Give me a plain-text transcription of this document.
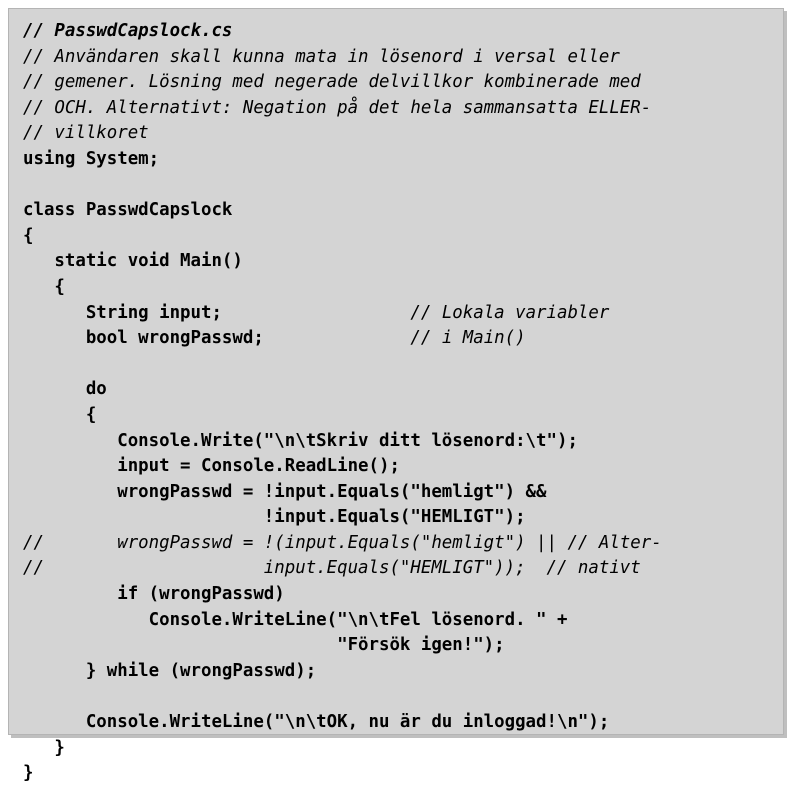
// PasswdCapslock.cs
// Användaren skall kunna mata in lösenord i versal eller
// gemener. Lösning med negerade delvillkor kombinerade med
// OCH. Alternativt: Negation på det hela sammansatta ELLER-
// villkoret
using System;

class PasswdCapslock
{
static void Main()
{
String input;                  // Lokala variabler
bool wrongPasswd;              // i Main()

do
{
Console.Write("\n\tSkriv ditt lösenord:\t");
input = Console.ReadLine();
wrongPasswd = !input.Equals("hemligt") &&
!input.Equals("HEMLIGT");
//       wrongPasswd = !(input.Equals("hemligt") || // Alter-
//                     input.Equals("HEMLIGT"));  // nativt
if (wrongPasswd)
Console.WriteLine("\n\tFel lösenord. " +
"Försök igen!");
} while (wrongPasswd);

Console.WriteLine("\n\tOK, nu är du inloggad!\n");
}
}
